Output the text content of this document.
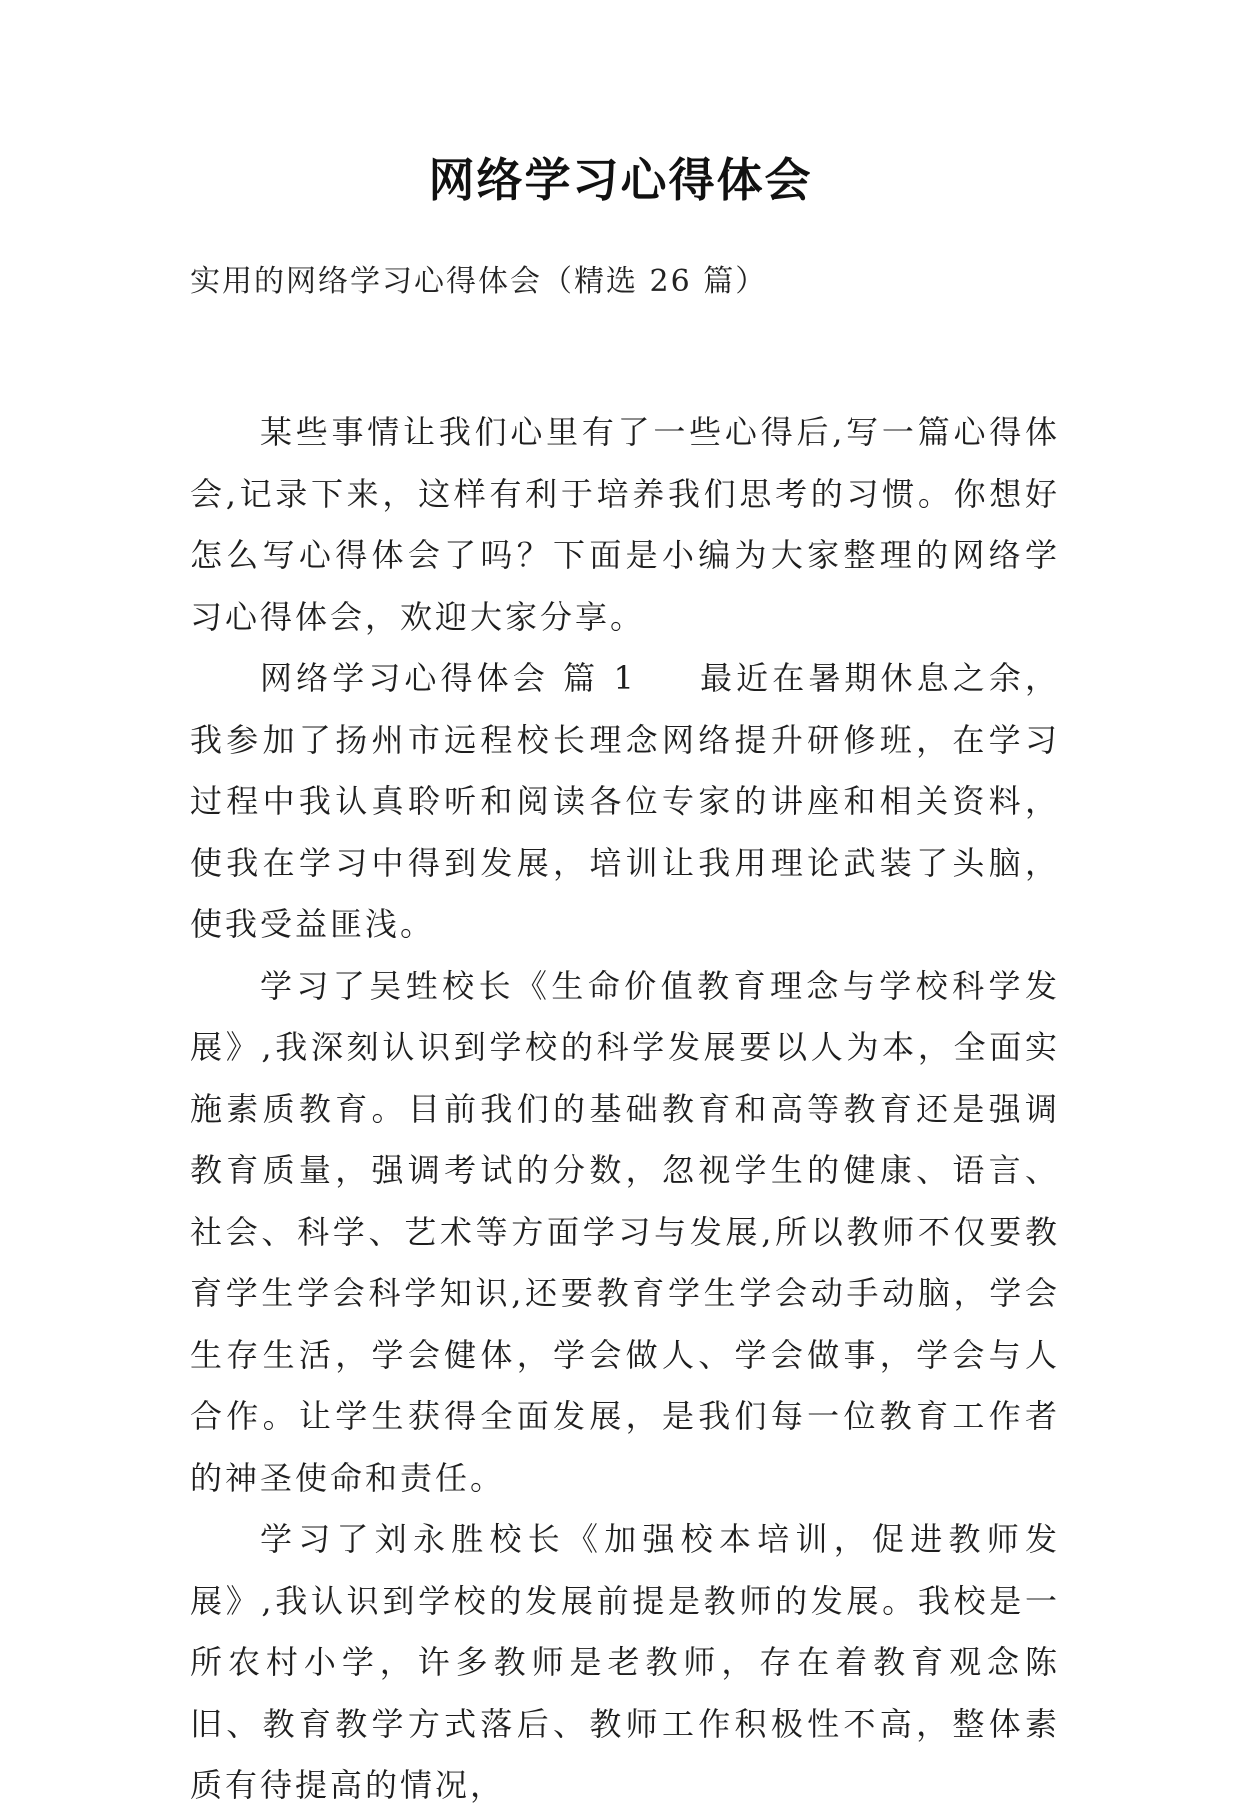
网络学习心得体会
实用的网络学习心得体会（精选 26 篇）

某些事情让我们心里有了一些心得后,写一篇心得体会,记录下来，这样有利于培养我们思考的习惯。你想好怎么写心得体会了吗？下面是小编为大家整理的网络学习心得体会，欢迎大家分享。

网络学习心得体会 篇 1 最近在暑期休息之余，我参加了扬州市远程校长理念网络提升研修班，在学习过程中我认真聆听和阅读各位专家的讲座和相关资料，使我在学习中得到发展，培训让我用理论武装了头脑，使我受益匪浅。

学习了吴甡校长《生命价值教育理念与学校科学发展》,我深刻认识到学校的科学发展要以人为本，全面实施素质教育。目前我们的基础教育和高等教育还是强调教育质量，强调考试的分数，忽视学生的健康、语言、社会、科学、艺术等方面学习与发展,所以教师不仅要教育学生学会科学知识,还要教育学生学会动手动脑，学会生存生活，学会健体，学会做人、学会做事，学会与人合作。让学生获得全面发展，是我们每一位教育工作者的神圣使命和责任。

学习了刘永胜校长《加强校本培训，促进教师发展》,我认识到学校的发展前提是教师的发展。我校是一所农村小学，许多教师是老教师，存在着教育观念陈旧、教育教学方式落后、教师工作积极性不高，整体素质有待提高的情况，
